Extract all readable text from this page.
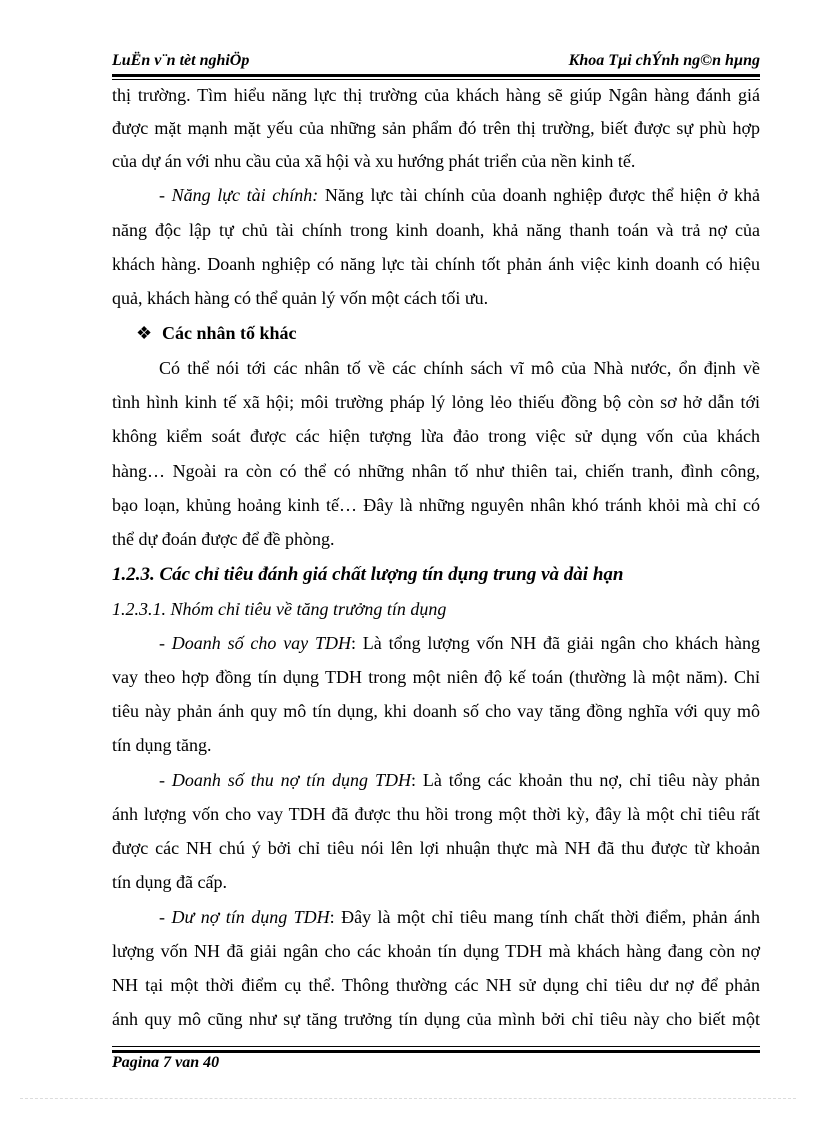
LuËn v¨n tèt nghiÖp	Khoa Tµi chÝnh ng©n hµng
thị trường. Tìm hiểu năng lực thị trường của khách hàng sẽ giúp Ngân hàng đánh giá
được mặt mạnh mặt yếu của những sản phẩm đó trên thị trường, biết được sự phù hợp
của dự án với nhu cầu của xã hội và xu hướng phát triển của nền kinh tế.
- Năng lực tài chính: Năng lực tài chính của doanh nghiệp được thể hiện ở khả
năng độc lập tự chủ tài chính trong kinh doanh, khả năng thanh toán và trả nợ của
khách hàng. Doanh nghiệp có năng lực tài chính tốt phản ánh việc kinh doanh có hiệu
quả, khách hàng có thể quản lý vốn một cách tối ưu.
❖ Các nhân tố khác
Có thể nói tới các nhân tố về các chính sách vĩ mô của Nhà nước, ổn định về
tình hình kinh tế xã hội; môi trường pháp lý lỏng lẻo thiếu đồng bộ còn sơ hở dẫn tới
không kiểm soát được các hiện tượng lừa đảo trong việc sử dụng vốn của khách
hàng… Ngoài ra còn có thể có những nhân tố như thiên tai, chiến tranh, đình công,
bạo loạn, khủng hoảng kinh tế… Đây là những nguyên nhân khó tránh khỏi mà chỉ có
thể dự đoán được để đề phòng.
1.2.3. Các chỉ tiêu đánh giá chất lượng tín dụng trung và dài hạn
1.2.3.1. Nhóm chỉ tiêu về tăng trưởng tín dụng
- Doanh số cho vay TDH: Là tổng lượng vốn NH đã giải ngân cho khách hàng
vay theo hợp đồng tín dụng TDH trong một niên độ kế toán (thường là một năm). Chỉ
tiêu này phản ánh quy mô tín dụng, khi doanh số cho vay tăng đồng nghĩa với quy mô
tín dụng tăng.
- Doanh số thu nợ tín dụng TDH: Là tổng các khoản thu nợ, chỉ tiêu này phản
ánh lượng vốn cho vay TDH đã được thu hồi trong một thời kỳ, đây là một chỉ tiêu rất
được các NH chú ý bởi chỉ tiêu nói lên lợi nhuận thực mà NH đã thu được từ khoản
tín dụng đã cấp.
- Dư nợ tín dụng TDH: Đây là một chỉ tiêu mang tính chất thời điểm, phản ánh
lượng vốn NH đã giải ngân cho các khoản tín dụng TDH mà khách hàng đang còn nợ
NH tại một thời điểm cụ thể. Thông thường các NH sử dụng chỉ tiêu dư nợ để phản
ánh quy mô cũng như sự tăng trưởng tín dụng của mình bởi chỉ tiêu này cho biết một
Pagina 7 van 40
